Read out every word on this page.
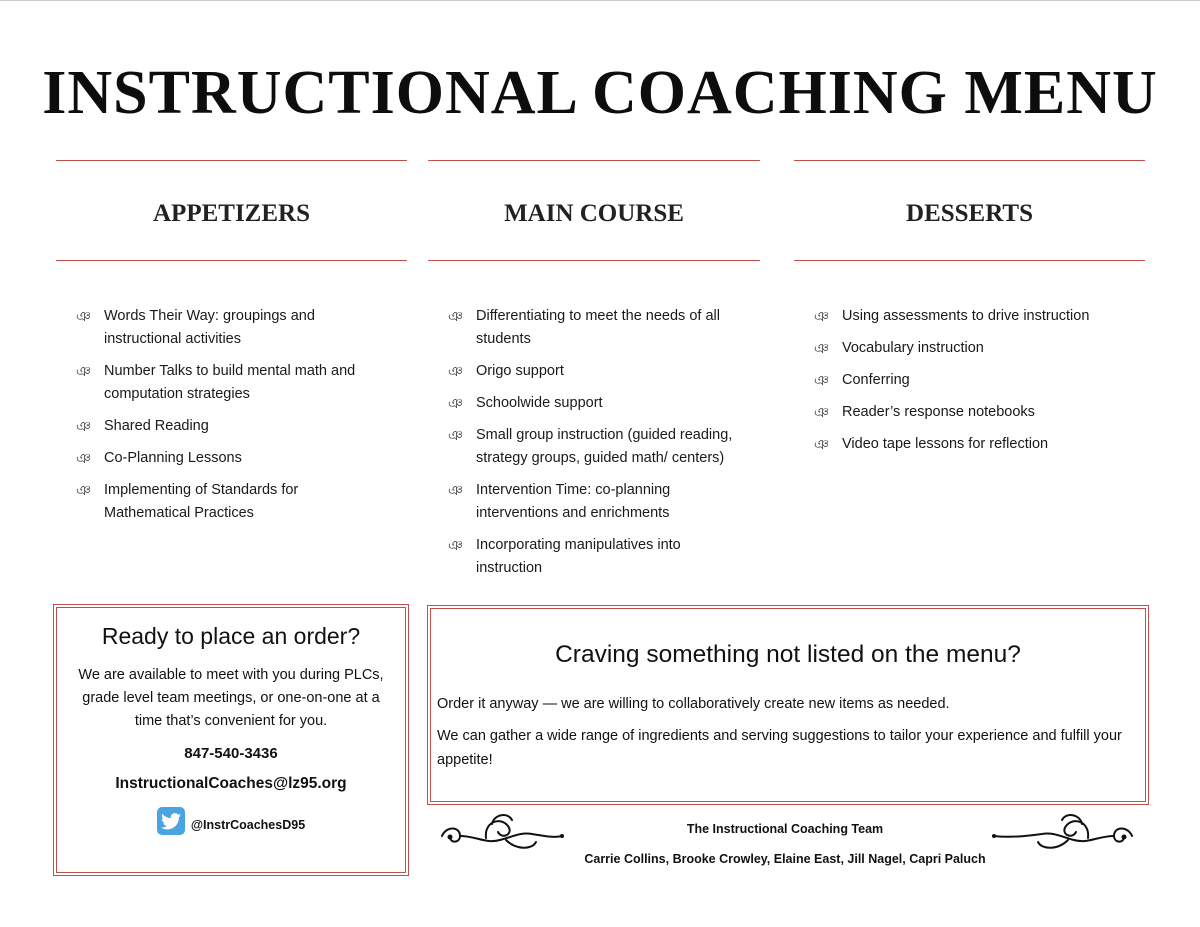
INSTRUCTIONAL COACHING MENU
APPETIZERS
ঞ Words Their Way: groupings and instructional activities
ঞ Number Talks to build mental math and computation strategies
ঞ Shared Reading
ঞ Co-Planning Lessons
ঞ Implementing of Standards for Mathematical Practices
MAIN COURSE
ঞ Differentiating to meet the needs of all students
ঞ Origo support
ঞ Schoolwide support
ঞ Small group instruction (guided reading, strategy groups, guided math/ centers)
ঞ Intervention Time: co-planning interventions and enrichments
ঞ Incorporating manipulatives into instruction
DESSERTS
ঞ Using assessments to drive instruction
ঞ Vocabulary instruction
ঞ Conferring
ঞ Reader’s response notebooks
ঞ Video tape lessons for reflection
Ready to place an order?
We are available to meet with you during PLCs, grade level team meetings, or one-on-one at a time that’s convenient for you.
847-540-3436
InstructionalCoaches@lz95.org
@InstrCoachesD95
Craving something not listed on the menu?

Order it anyway — we are willing to collaboratively create new items as needed.

We can gather a wide range of ingredients and serving suggestions to tailor your experience and fulfill your appetite!

The Instructional Coaching Team
Carrie Collins, Brooke Crowley, Elaine East, Jill Nagel, Capri Paluch
